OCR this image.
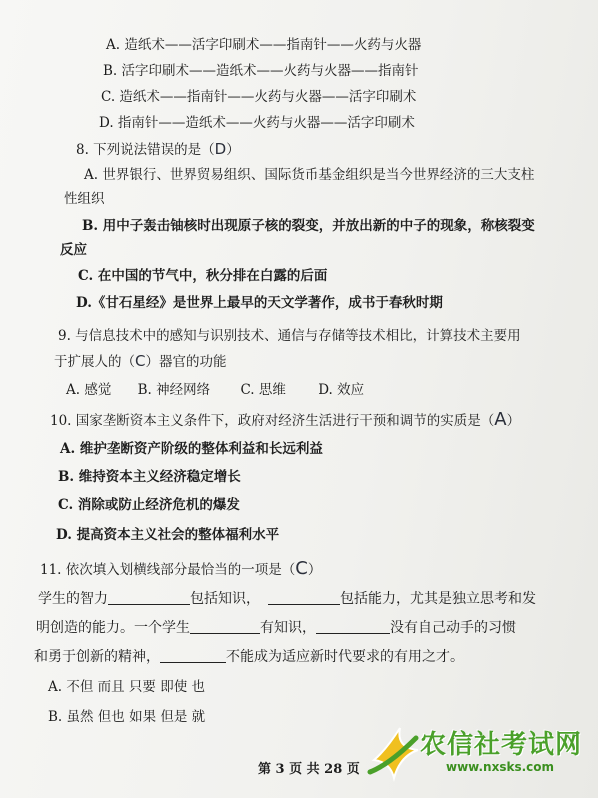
A. 造纸术——活字印刷术——指南针——火药与火器
B. 活字印刷术——造纸术——火药与火器——指南针
C. 造纸术——指南针——火药与火器——活字印刷术
D. 指南针——造纸术——火药与火器——活字印刷术
8. 下列说法错误的是（D）
A. 世界银行、世界贸易组织、国际货币基金组织是当今世界经济的三大支柱
性组织
B. 用中子轰击铀核时出现原子核的裂变，并放出新的中子的现象，称核裂变
反应
C. 在中国的节气中，秋分排在白露的后面
D.《甘石星经》是世界上最早的天文学著作，成书于春秋时期
9. 与信息技术中的感知与识别技术、通信与存储等技术相比，计算技术主要用
于扩展人的（C）器官的功能
A. 感觉 B. 神经网络 C. 思维 D. 效应
10. 国家垄断资本主义条件下，政府对经济生活进行干预和调节的实质是（A）
A. 维护垄断资产阶级的整体利益和长远利益
B. 维持资本主义经济稳定增长
C. 消除或防止经济危机的爆发
D. 提高资本主义社会的整体福利水平
11. 依次填入划横线部分最恰当的一项是（C）
学生的智力	包括知识，	包括能力，尤其是独立思考和发
明创造的能力。一个学生	有知识，	没有自己动手的习惯
和勇于创新的精神，	不能成为适应新时代要求的有用之才。
A. 不但 而且 只要 即使 也
B. 虽然 但也 如果 但是 就
第 3 页 共 28 页
农信社考试网
www.nxsks.com
